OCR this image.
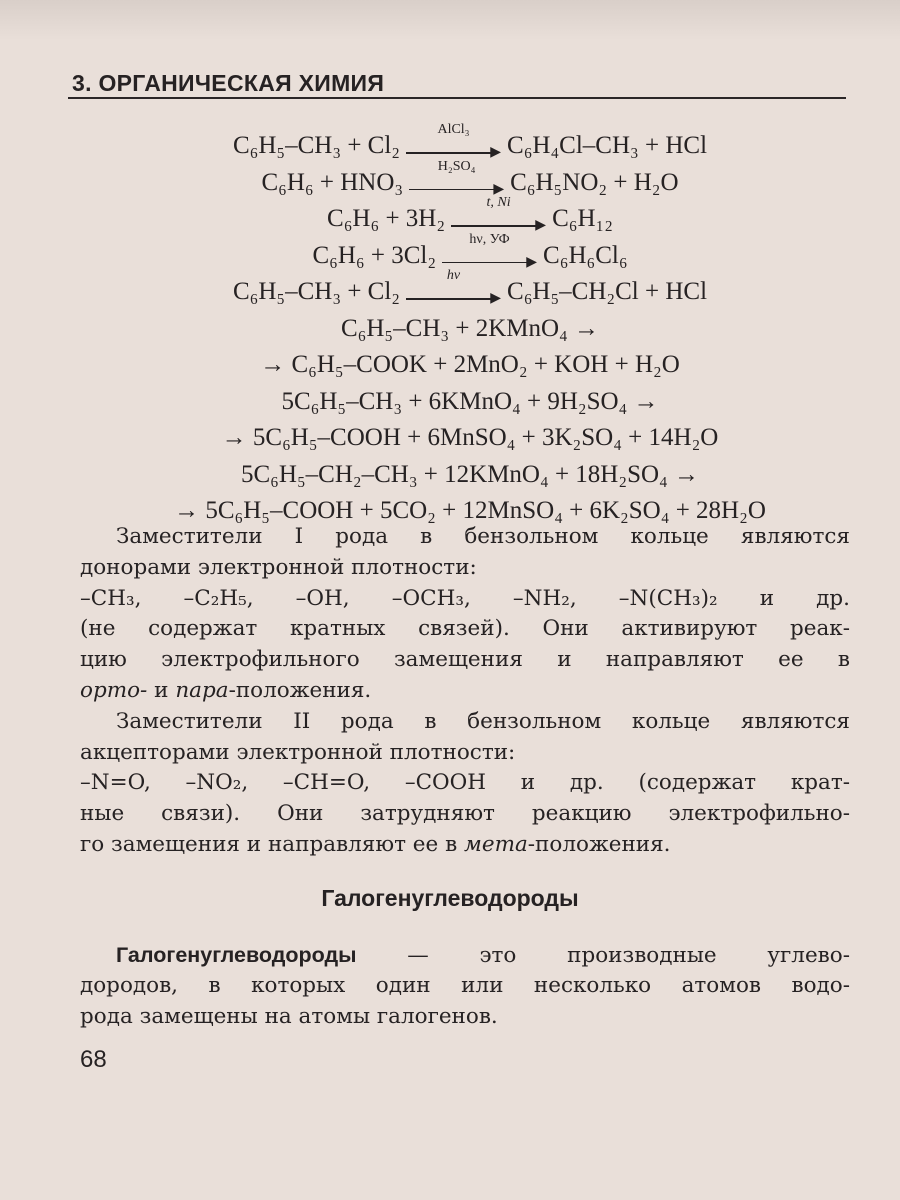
3. ОРГАНИЧЕСКАЯ ХИМИЯ
C₆H₅–CH₃ + Cl₂
AlCl₃
▶ C₆H₄Cl–CH₃ + HCl
C₆H₆ + HNO₃
H₂SO₄
▶ C₆H₅NO₂ + H₂O
C₆H₆ + 3H₂
t, Ni
▶ C₆H₁₂
C₆H₆ + 3Cl₂
hν, УФ
▶ C₆H₆Cl₆
C₆H₅–CH₃ + Cl₂
hν
▶ C₆H₅–CH₂Cl + HCl
C₆H₅–CH₃ + 2KMnO₄ →
→ C₆H₅–COOK + 2MnO₂ + KOH + H₂O
5C₆H₅–CH₃ + 6KMnO₄ + 9H₂SO₄ →
→ 5C₆H₅–COOH + 6MnSO₄ + 3K₂SO₄ + 14H₂O
5C₆H₅–CH₂–CH₃ + 12KMnO₄ + 18H₂SO₄ →
→ 5C₆H₅–COOH + 5CO₂ + 12MnSO₄ + 6K₂SO₄ + 28H₂O
Заместители I рода в бензольном кольце являются
донорами электронной плотности:
–CH₃, –C₂H₅, –OH, –OCH₃, –NH₂, –N(CH₃)₂ и др.
(не содержат кратных связей). Они активируют реак-
цию электрофильного замещения и направляют ее в
орто- и пара-положения.
Заместители II рода в бензольном кольце являются
акцепторами электронной плотности:
–N=O, –NO₂, –CH=O, –COOH и др. (содержат крат-
ные связи). Они затрудняют реакцию электрофильно-
го замещения и направляют ее в мета-положения.
Галогенуглеводороды
Галогенуглеводороды — это производные углево-
дородов, в которых один или несколько атомов водо-
рода замещены на атомы галогенов.
68
